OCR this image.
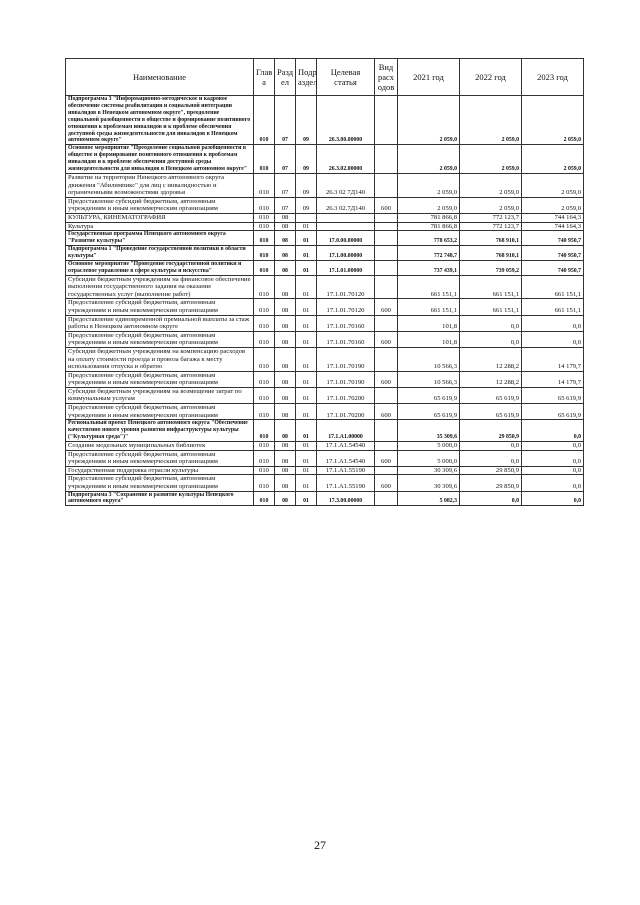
Наименование	Глав а	Разд ел	Подр аздел	Целевая статья	Вид расх одов	2021 год	2022 год	2023 год
Подпрограмма 3 "Информационно-методическое и кадровое обеспечение системы реабилитации и социальной интеграции инвалидов в Ненецком автономном округе", преодоление социальной разобщенности в обществе и формирование позитивного отношения к проблемам инвалидов и к проблеме обеспечения доступной среды жизнедеятельности для инвалидов в Ненецком автономном округе"	010	07	09	26.3.00.00000		2 059,0	2 059,0	2 059,0
Основное мероприятие "Преодоление социальной разобщенности в обществе и формирование позитивного отношения к проблемам инвалидов и к проблеме обеспечения доступной среды жизнедеятельности для инвалидов в Ненецком автономном округе"	010	07	09	26.3.02.00000		2 059,0	2 059,0	2 059,0
Развитие на территории Ненецкого автономного округа движения "Абилимпикс" для лиц с инвалидностью и ограниченными возможностями здоровья	010	07	09	26.3 02 7Д140		2 059,0	2 059,0	2 059,0
Предоставление субсидий бюджетным, автономным учреждениям и иным некоммерческим организациям	010	07	09	26.3 02.7Д140	600	2 059,0	2 059,0	2 059,0
КУЛЬТУРА, КИНЕМАТОГРАФИЯ	010	08				781 866,8	772 123,7	744 164,3
Культура	010	08	01			781 866,8	772 123,7	744 164,3
Государственная программа Ненецкого автономного округа "Развитие культуры"	010	08	01	17.0.00.00000		778 653,2	768 910,1	740 950,7
Подпрограмма 1 "Проведение государственной политики в области культуры"	010	08	01	17.1.00.00000		772 748,7	768 910,1	740 950,7
Основное мероприятие "Проведение государственной политики и отраслевое управление в сфере культуры и искусства"	010	08	01	17.1.01.00000		737 439,1	739 059,2	740 950,7
Субсидии бюджетным учреждениям на финансовое обеспечение выполнения государственного задания на оказание государственных услуг (выполнение работ)	010	08	01	17.1.01.70120		661 151,1	661 151,1	661 151,1
Предоставление субсидий бюджетным, автономным учреждениям и иным некоммерческим организациям	010	08	01	17.1.01.70120	600	661 151,1	661 151,1	661 151,1
Предоставление единовременной премиальной выплаты за стаж работы в Ненецком автономном округе	010	08	01	17.1.01.70160		101,8	0,0	0,0
Предоставление субсидий бюджетным, автономным учреждениям и иным некоммерческим организациям	010	08	01	17.1.01.70160	600	101,8	0,0	0,0
Субсидии бюджетным учреждениям на компенсацию расходов на оплату стоимости проезда и провоза багажа к месту использования отпуска и обратно	010	08	01	17.1.01.70190		10 566,3	12 288,2	14 179,7
Предоставление субсидий бюджетным, автономным учреждениям и иным некоммерческим организациям	010	08	01	17.1.01.70190	600	10 566,3	12 288,2	14 179,7
Субсидии бюджетным учреждениям на возмещение затрат по коммунальным услугам	010	08	01	17.1.01.70200		65 619,9	65 619,9	65 619,9
Предоставление субсидий бюджетным, автономным учреждениям и иным некоммерческим организациям	010	08	01	17.1.01.70200	600	65 619,9	65 619,9	65 619,9
Региональный проект Ненецкого автономного округа "Обеспечение качественно нового уровня развития инфраструктуры культуры ("Культурная среда")"	010	08	01	17.1.A1.00000		35 309,6	29 850,9	0,0
Создание модельных муниципальных библиотек	010	08	01	17.1.A1.54540		5 000,0	0,0	0,0
Предоставление субсидий бюджетным, автономным учреждениям и иным некоммерческим организациям	010	08	01	17.1.A1.54540	600	5 000,0	0,0	0,0
Государственная поддержка отрасли культуры	010	08	01	17.1.A1.55190		30 309,6	29 850,9	0,0
Предоставление субсидий бюджетным, автономным учреждениям и иным некоммерческим организациям	010	08	01	17.1.A1.55190	600	30 309,6	29 850,9	0,0
Подпрограмма 3 "Сохранение и развитие культуры Ненецкого автономного округа"	010	08	01	17.3.00.00000		5 082,3	0,0	0,0
27
